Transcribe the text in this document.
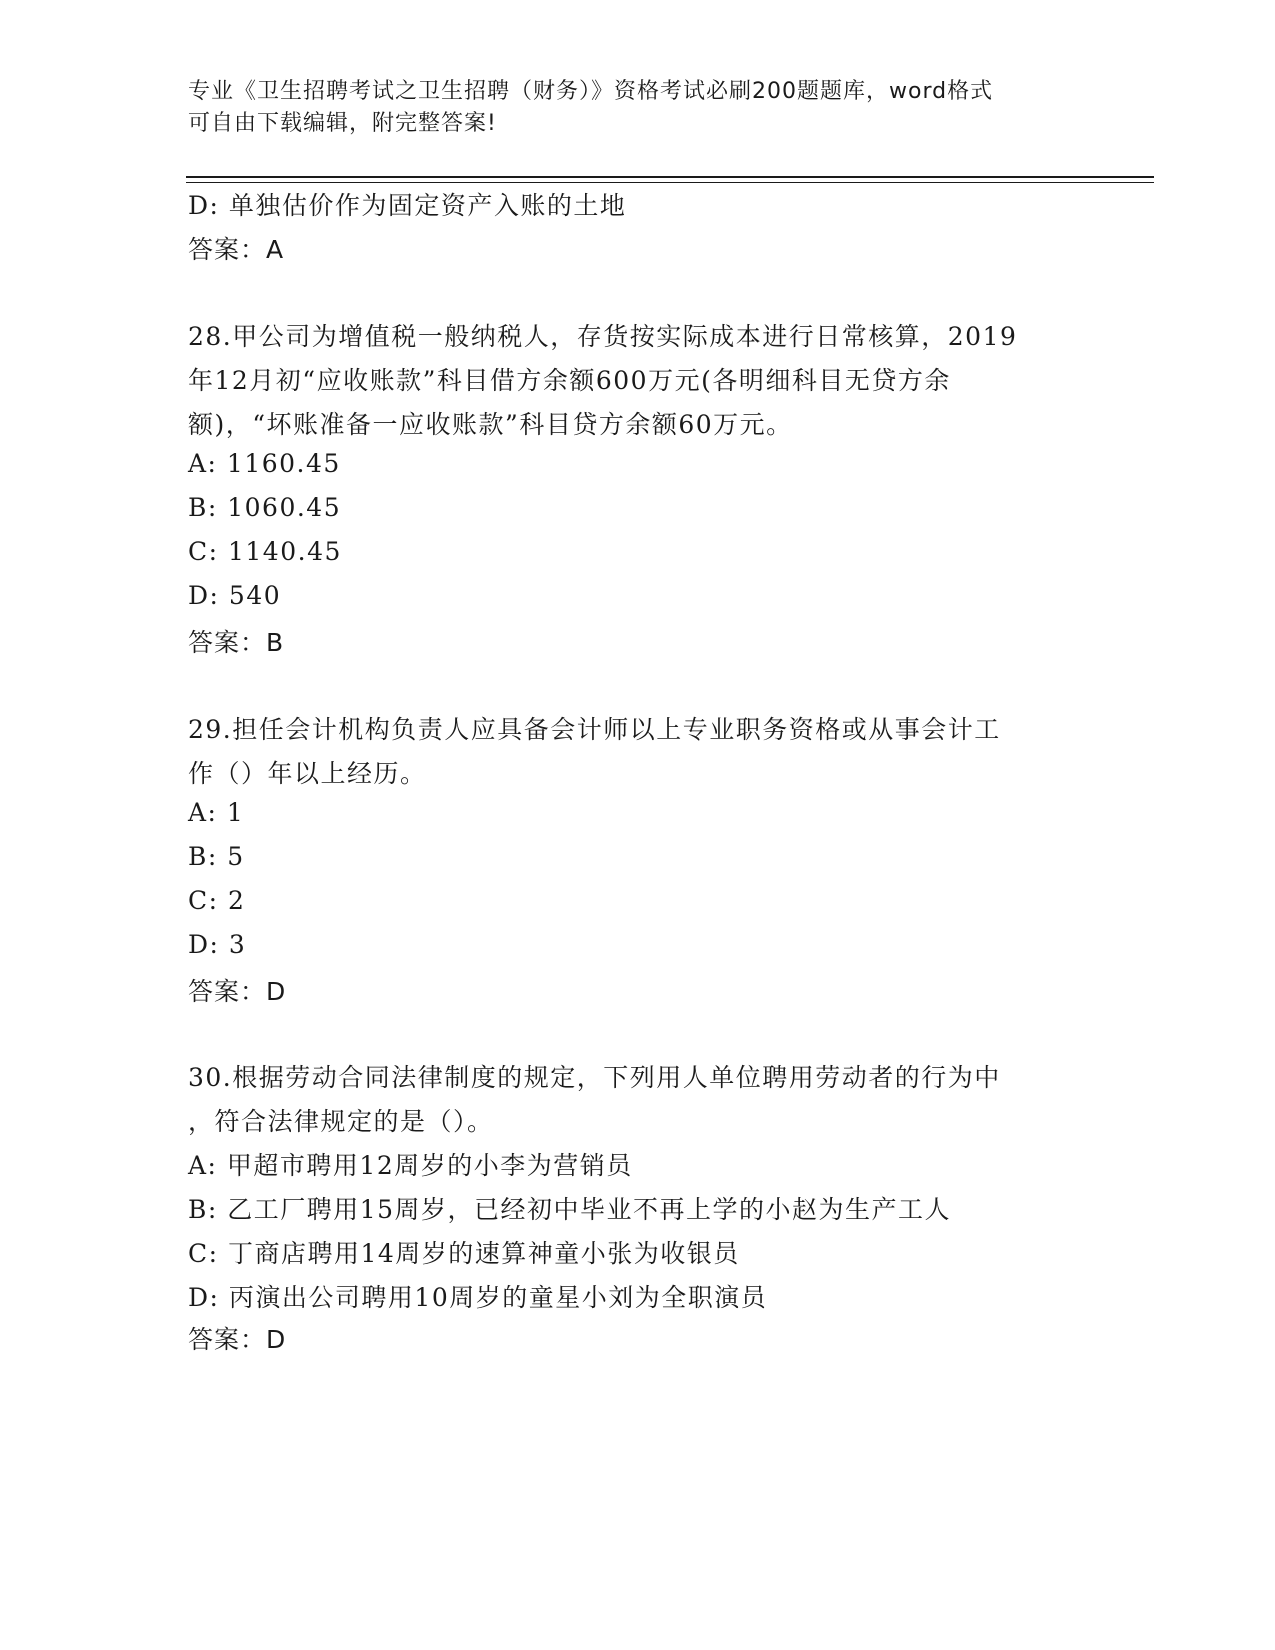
专业《卫生招聘考试之卫生招聘（财务）》资格考试必刷200题题库，word格式
可自由下载编辑，附完整答案!
D: 单独估价作为固定资产入账的土地
答案：A
28.甲公司为增值税一般纳税人，存货按实际成本进行日常核算，2019
年12月初“应收账款”科目借方余额600万元(各明细科目无贷方余
额)，“坏账准备一应收账款”科目贷方余额60万元。
A: 1160.45
B: 1060.45
C: 1140.45
D: 540
答案：B
29.担任会计机构负责人应具备会计师以上专业职务资格或从事会计工
作（）年以上经历。
A: 1
B: 5
C: 2
D: 3
答案：D
30.根据劳动合同法律制度的规定，下列用人单位聘用劳动者的行为中
，符合法律规定的是（）。
A: 甲超市聘用12周岁的小李为营销员
B: 乙工厂聘用15周岁，已经初中毕业不再上学的小赵为生产工人
C: 丁商店聘用14周岁的速算神童小张为收银员
D: 丙演出公司聘用10周岁的童星小刘为全职演员
答案：D
